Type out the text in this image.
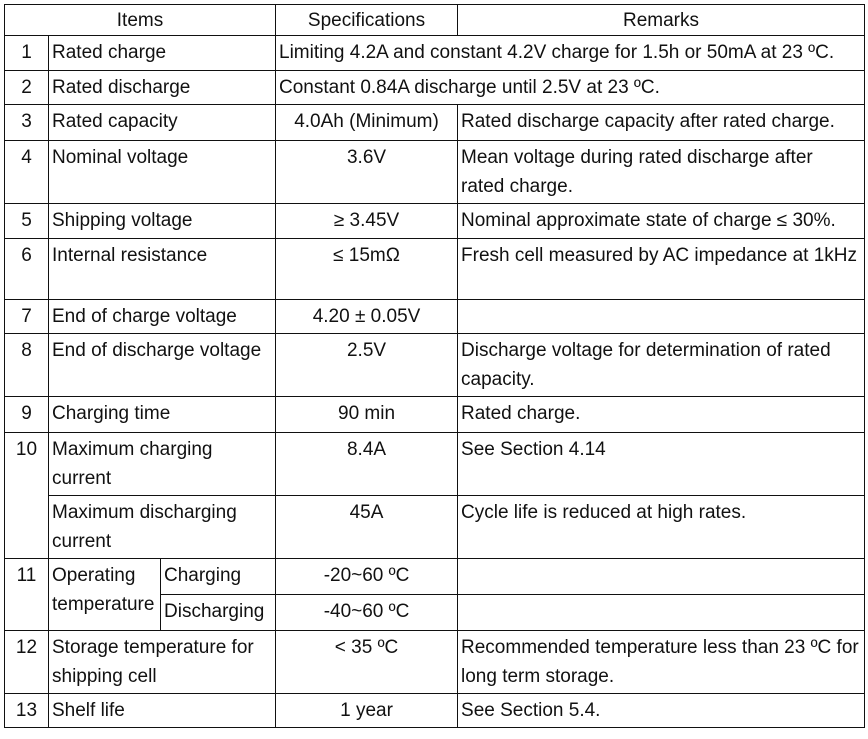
Items			Specifications	Remarks
1	Rated charge		Limiting 4.2A and constant 4.2V charge for 1.5h or 50mA at 23 ºC.	
2	Rated discharge		Constant 0.84A discharge until 2.5V at 23 ºC.	
3	Rated capacity		4.0Ah (Minimum)	Rated discharge capacity after rated charge.
4	Nominal voltage		3.6V	Mean voltage during rated discharge after rated charge.
5	Shipping voltage		≥ 3.45V	Nominal approximate state of charge ≤ 30%.
6	Internal resistance		≤ 15mΩ	Fresh cell measured by AC impedance at 1kHz
7	End of charge voltage		4.20 ± 0.05V	
8	End of discharge voltage		2.5V	Discharge voltage for determination of rated capacity.
9	Charging time		90 min	Rated charge.
10	Maximum charging current		8.4A	See Section 4.14
	Maximum discharging current		45A	Cycle life is reduced at high rates.
11	Operating temperature	Charging	-20~60 ºC	
		Discharging	-40~60 ºC	
12	Storage temperature for shipping cell		< 35 ºC	Recommended temperature less than 23 ºC for long term storage.
13	Shelf life		1 year	See Section 5.4.
